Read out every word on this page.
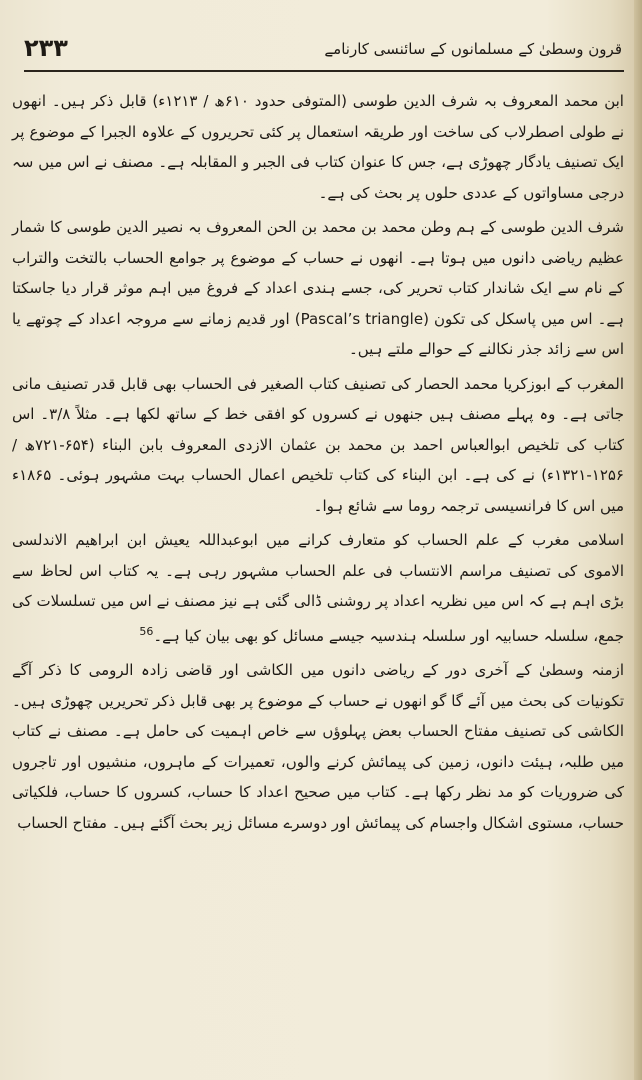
۲۳۳	قرون وسطیٰ کے مسلمانوں کے سائنسی کارنامے

ابن محمد المعروف بہ شرف الدین طوسی (المتوفی حدود ۶۱۰ھ / ۱۲۱۳ء) قابل ذکر ہیں۔ انھوں نے طولی اصطرلاب کی ساخت اور طریقہ استعمال پر کئی تحریروں کے علاوہ الجبرا کے موضوع پر ایک تصنیف یادگار چھوڑی ہے، جس کا عنوان کتاب فی الجبر و المقابلہ ہے۔ مصنف نے اس میں سہ درجی مساواتوں کے عددی حلوں پر بحث کی ہے۔

شرف الدین طوسی کے ہم وطن محمد بن محمد بن الحن المعروف بہ نصیر الدین طوسی کا شمار عظیم ریاضی دانوں میں ہوتا ہے۔ انھوں نے حساب کے موضوع پر جوامع الحساب بالتخت والتراب کے نام سے ایک شاندار کتاب تحریر کی، جسے ہندی اعداد کے فروغ میں اہم موثر قرار دیا جاسکتا ہے۔ اس میں پاسکل کی تکون (Pascal’s triangle) اور قدیم زمانے سے مروجہ اعداد کے چوتھے یا اس سے زائد جذر نکالنے کے حوالے ملتے ہیں۔

المغرب کے ابوزکریا محمد الحصار کی تصنیف کتاب الصغیر فی الحساب بھی قابل قدر تصنیف مانی جاتی ہے۔ وہ پہلے مصنف ہیں جنھوں نے کسروں کو افقی خط کے ساتھ لکھا ہے۔ مثلاً ۳/۸۔ اس کتاب کی تلخیص ابوالعباس احمد بن محمد بن عثمان الازدی المعروف بابن البناء (۶۵۴-۷۲۱ھ / ۱۲۵۶-۱۳۲۱ء) نے کی ہے۔ ابن البناء کی کتاب تلخیص اعمال الحساب بہت مشہور ہوئی۔ ۱۸۶۵ء میں اس کا فرانسیسی ترجمہ روما سے شائع ہوا۔

اسلامی مغرب کے علم الحساب کو متعارف کرانے میں ابوعبداللہ یعیش ابن ابراھیم الاندلسی الاموی کی تصنیف مراسم الانتساب فی علم الحساب مشہور رہی ہے۔ یہ کتاب اس لحاظ سے بڑی اہم ہے کہ اس میں نظریہ اعداد پر روشنی ڈالی گئی ہے نیز مصنف نے اس میں تسلسلات کی جمع، سلسلہ حسابیہ اور سلسلہ ہندسیہ جیسے مسائل کو بھی بیان کیا ہے۔$^{56}$

ازمنہ وسطیٰ کے آخری دور کے ریاضی دانوں میں الکاشی اور قاضی زادہ الرومی کا ذکر آگے تکونیات کی بحث میں آئے گا گو انھوں نے حساب کے موضوع پر بھی قابل ذکر تحریریں چھوڑی ہیں۔ الکاشی کی تصنیف مفتاح الحساب بعض پہلوؤں سے خاص اہمیت کی حامل ہے۔ مصنف نے کتاب میں طلبہ، ہیئت دانوں، زمین کی پیمائش کرنے والوں، تعمیرات کے ماہروں، منشیوں اور تاجروں کی ضروریات کو مد نظر رکھا ہے۔ کتاب میں صحیح اعداد کا حساب، کسروں کا حساب، فلکیاتی حساب، مستوی اشکال واجسام کی پیمائش اور دوسرے مسائل زیر بحث آگئے ہیں۔ مفتاح الحساب
